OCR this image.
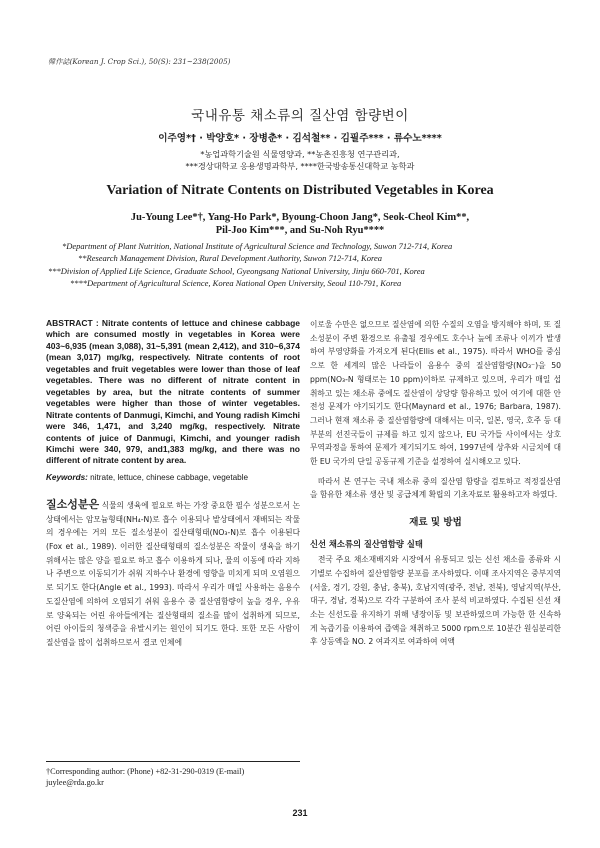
韓作誌(Korean J. Crop Sci.), 50(S): 231~238(2005)
국내유통 채소류의 질산염 함량변이
이주영*† · 박양호* · 장병춘* · 김석철** · 김필주*** · 류수노****
*농업과학기술원 식물영양과, **농촌진흥청 연구관리과,
***경상대학교 응용생명과학부, ****한국방송통신대학교 농학과
Variation of Nitrate Contents on Distributed Vegetables in Korea
Ju-Young Lee*†, Yang-Ho Park*, Byoung-Choon Jang*, Seok-Cheol Kim**,
Pil-Joo Kim***, and Su-Noh Ryu****
*Department of Plant Nutrition, National Institute of Agricultural Science and Technology, Suwon 712-714, Korea
**Research Management Division, Rural Development Authority, Suwon 712-714, Korea
***Division of Applied Life Science, Graduate School, Gyeongsang National University, Jinju 660-701, Korea
****Department of Agricultural Science, Korea National Open University, Seoul 110-791, Korea
ABSTRACT : Nitrate contents of lettuce and chinese cabbage which are consumed mostly in vegetables in Korea were 403~6,935 (mean 3,088), 31~5,391 (mean 2,412), and 310~6,374 (mean 3,017) mg/kg, respectively. Nitrate contents of root vegetables and fruit vegetables were lower than those of leaf vegetables. There was no different of nitrate content in vegetables by area, but the nitrate contents of summer vegetables were higher than those of winter vegetables. Nitrate contents of Danmugi, Kimchi, and Young radish Kimchi were 346, 1,471, and 3,240 mg/kg, respectively. Nitrate contents of juice of Danmugi, Kimchi, and younger radish Kimchi were 340, 979, and1,383 mg/kg, and there was no different of nitrate content by area.
Keywords: nitrate, lettuce, chinese cabbage, vegetable
질소성분은 식물의 생육에 필요로 하는 가장 중요한 필수 성분으로서 논 상태에서는 암모늄형태(NH₄-N)로 흡수 이용되나 밭상태에서 재배되는 작물의 경우에는 거의 모든 질소성분이 질산태형태(NO₃-N)로 흡수 이용된다(Fox et al., 1989). 이러한 질산태형태의 질소성분은 작물이 생육을 하기 위해서는 많은 양을 필요로 하고 흡수 이용하게 되나, 물의 이동에 따라 지하나 주변으로 이동되기가 쉬워 지하수나 환경에 영향을 미치게 되며 오염원으로 되기도 한다(Angle et al., 1993). 따라서 우리가 매일 사용하는 음용수도질산염에 의하여 오염되기 쉬워 음용수 중 질산염함량이 높을 경우, 우유로 양육되는 어린 유아들에게는 질산형태의 질소를 많이 섭취하게 되므로, 어린 아이들의 청색증을 유발시키는 원인이 되기도 한다. 또한 모든 사람이 질산염을 많이 섭취하므로서 결코 인체에
†Corresponding author: (Phone) +82-31-290-0319 (E-mail) juylee@rda.go.kr

이로울 수만은 없으므로 질산염에 의한 수질의 오염을 방지해야 하며, 또 질소성분이 주변 환경으로 유출될 경우에도 호수나 늪에 조류나 이끼가 발생하여 부영양화를 가져오게 된다(Ellis et al., 1975). 따라서 WHO를 중심으로 한 세계의 많은 나라들이 음용수 중의 질산염함량(NO₃⁻)을 50 ppm(NO₃-N 형태로는 10 ppm)이하로 규제하고 있으며, 우리가 매일 섭취하고 있는 채소류 중에도 질산염이 상당량 함유하고 있어 여기에 대한 안전성 문제가 야기되기도 한다(Maynard et al., 1976; Barbara, 1987). 그러나 현재 채소류 중 질산염함량에 대해서는 미국, 일본, 영국, 호주 등 대부분의 선진국들이 규제를 하고 있지 않으나, EU 국가들 사이에서는 상호 무역과정을 통하여 문제가 제기되기도 하여, 1997년에 상추와 시금치에 대한 EU 국가의 단일 공동규제 기준을 설정하여 실시해오고 있다.

따라서 본 연구는 국내 채소류 중의 질산염 함량을 검토하고 적정질산염을 함유한 채소류 생산 및 공급체계 확립의 기초자료로 활용하고자 하였다.

재료 및 방법
신선 채소류의 질산염함량 실태

전국 주요 채소재배지와 시장에서 유통되고 있는 신선 채소를 종류와 시기별로 수집하여 질산염함량 분포를 조사하였다. 이때 조사지역은 중부지역(서울, 경기, 강원, 충남, 충북), 호남지역(광주, 전남, 전북), 영남지역(부산, 대구, 경남, 경북)으로 각각 구분하여 조사 분석 비교하였다. 수집된 신선 채소는 신선도를 유지하기 위해 냉장이동 및 보관하였으며 가능한 한 신속하게 녹즙기를 이용하여 즙액을 채취하고 5000 rpm으로 10분간 원심분리한 후 상등액을 NO. 2 여과지로 여과하여 여액

231
